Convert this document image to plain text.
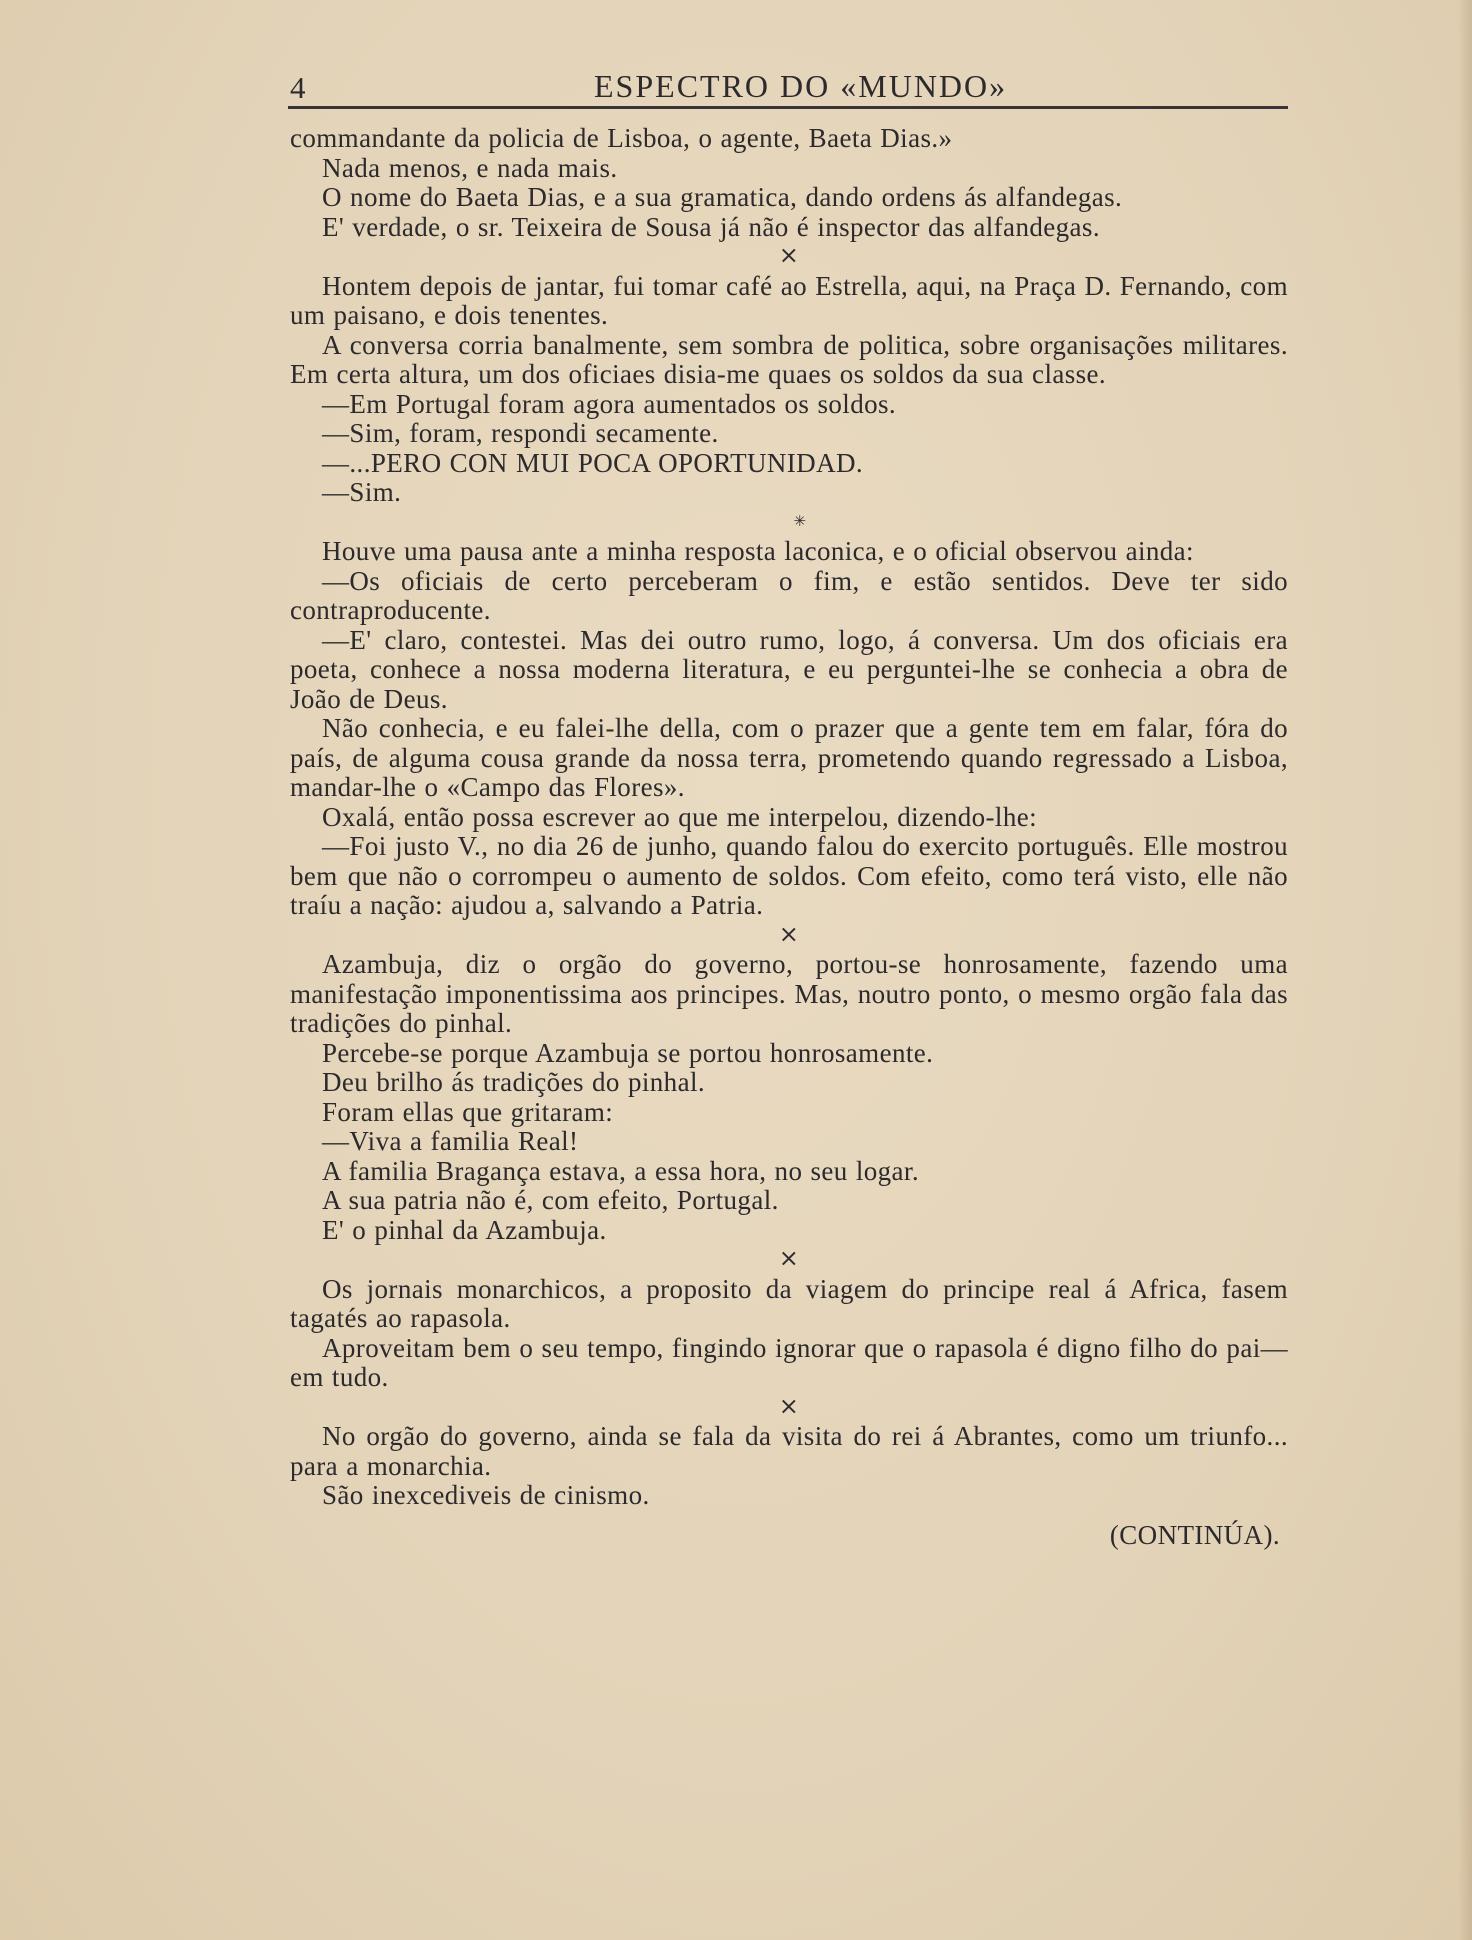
4	ESPECTRO DO «MUNDO»

commandante da policia de Lisboa, o agente, Baeta Dias.»

Nada menos, e nada mais.

O nome do Baeta Dias, e a sua gramatica, dando ordens ás alfandegas.

E' verdade, o sr. Teixeira de Sousa já não é inspector das alfandegas.

⨯

Hontem depois de jantar, fui tomar café ao Estrella, aqui, na Praça D. Fernando, com um paisano, e dois tenentes.

A conversa corria banalmente, sem sombra de politica, sobre organisações militares. Em certa altura, um dos oficiaes disia-me quaes os soldos da sua classe.

—Em Portugal foram agora aumentados os soldos.

—Sim, foram, respondi secamente.

—...PERO CON MUI POCA OPORTUNIDAD.

—Sim.

✳

Houve uma pausa ante a minha resposta laconica, e o oficial observou ainda:

—Os oficiais de certo perceberam o fim, e estão sentidos. Deve ter sido contraproducente.

—E' claro, contestei. Mas dei outro rumo, logo, á conversa. Um dos oficiais era poeta, conhece a nossa moderna literatura, e eu perguntei-lhe se conhecia a obra de João de Deus.

Não conhecia, e eu falei-lhe della, com o prazer que a gente tem em falar, fóra do país, de alguma cousa grande da nossa terra, prometendo quando regressado a Lisboa, mandar-lhe o «Campo das Flores».

Oxalá, então possa escrever ao que me interpelou, dizendo-lhe:

—Foi justo V., no dia 26 de junho, quando falou do exercito português. Elle mostrou bem que não o corrompeu o aumento de soldos. Com efeito, como terá visto, elle não traíu a nação: ajudou a, salvando a Patria.

⨯

Azambuja, diz o orgão do governo, portou-se honrosamente, fazendo uma manifestação imponentissima aos principes. Mas, noutro ponto, o mesmo orgão fala das tradições do pinhal.

Percebe-se porque Azambuja se portou honrosamente.

Deu brilho ás tradições do pinhal.

Foram ellas que gritaram:

—Viva a familia Real!

A familia Bragança estava, a essa hora, no seu logar.

A sua patria não é, com efeito, Portugal.

E' o pinhal da Azambuja.

⨯

Os jornais monarchicos, a proposito da viagem do principe real á Africa, fasem tagatés ao rapasola.

Aproveitam bem o seu tempo, fingindo ignorar que o rapasola é digno filho do pai—em tudo.

⨯

No orgão do governo, ainda se fala da visita do rei á Abrantes, como um triunfo... para a monarchia.

São inexcediveis de cinismo.

(CONTINÚA).
